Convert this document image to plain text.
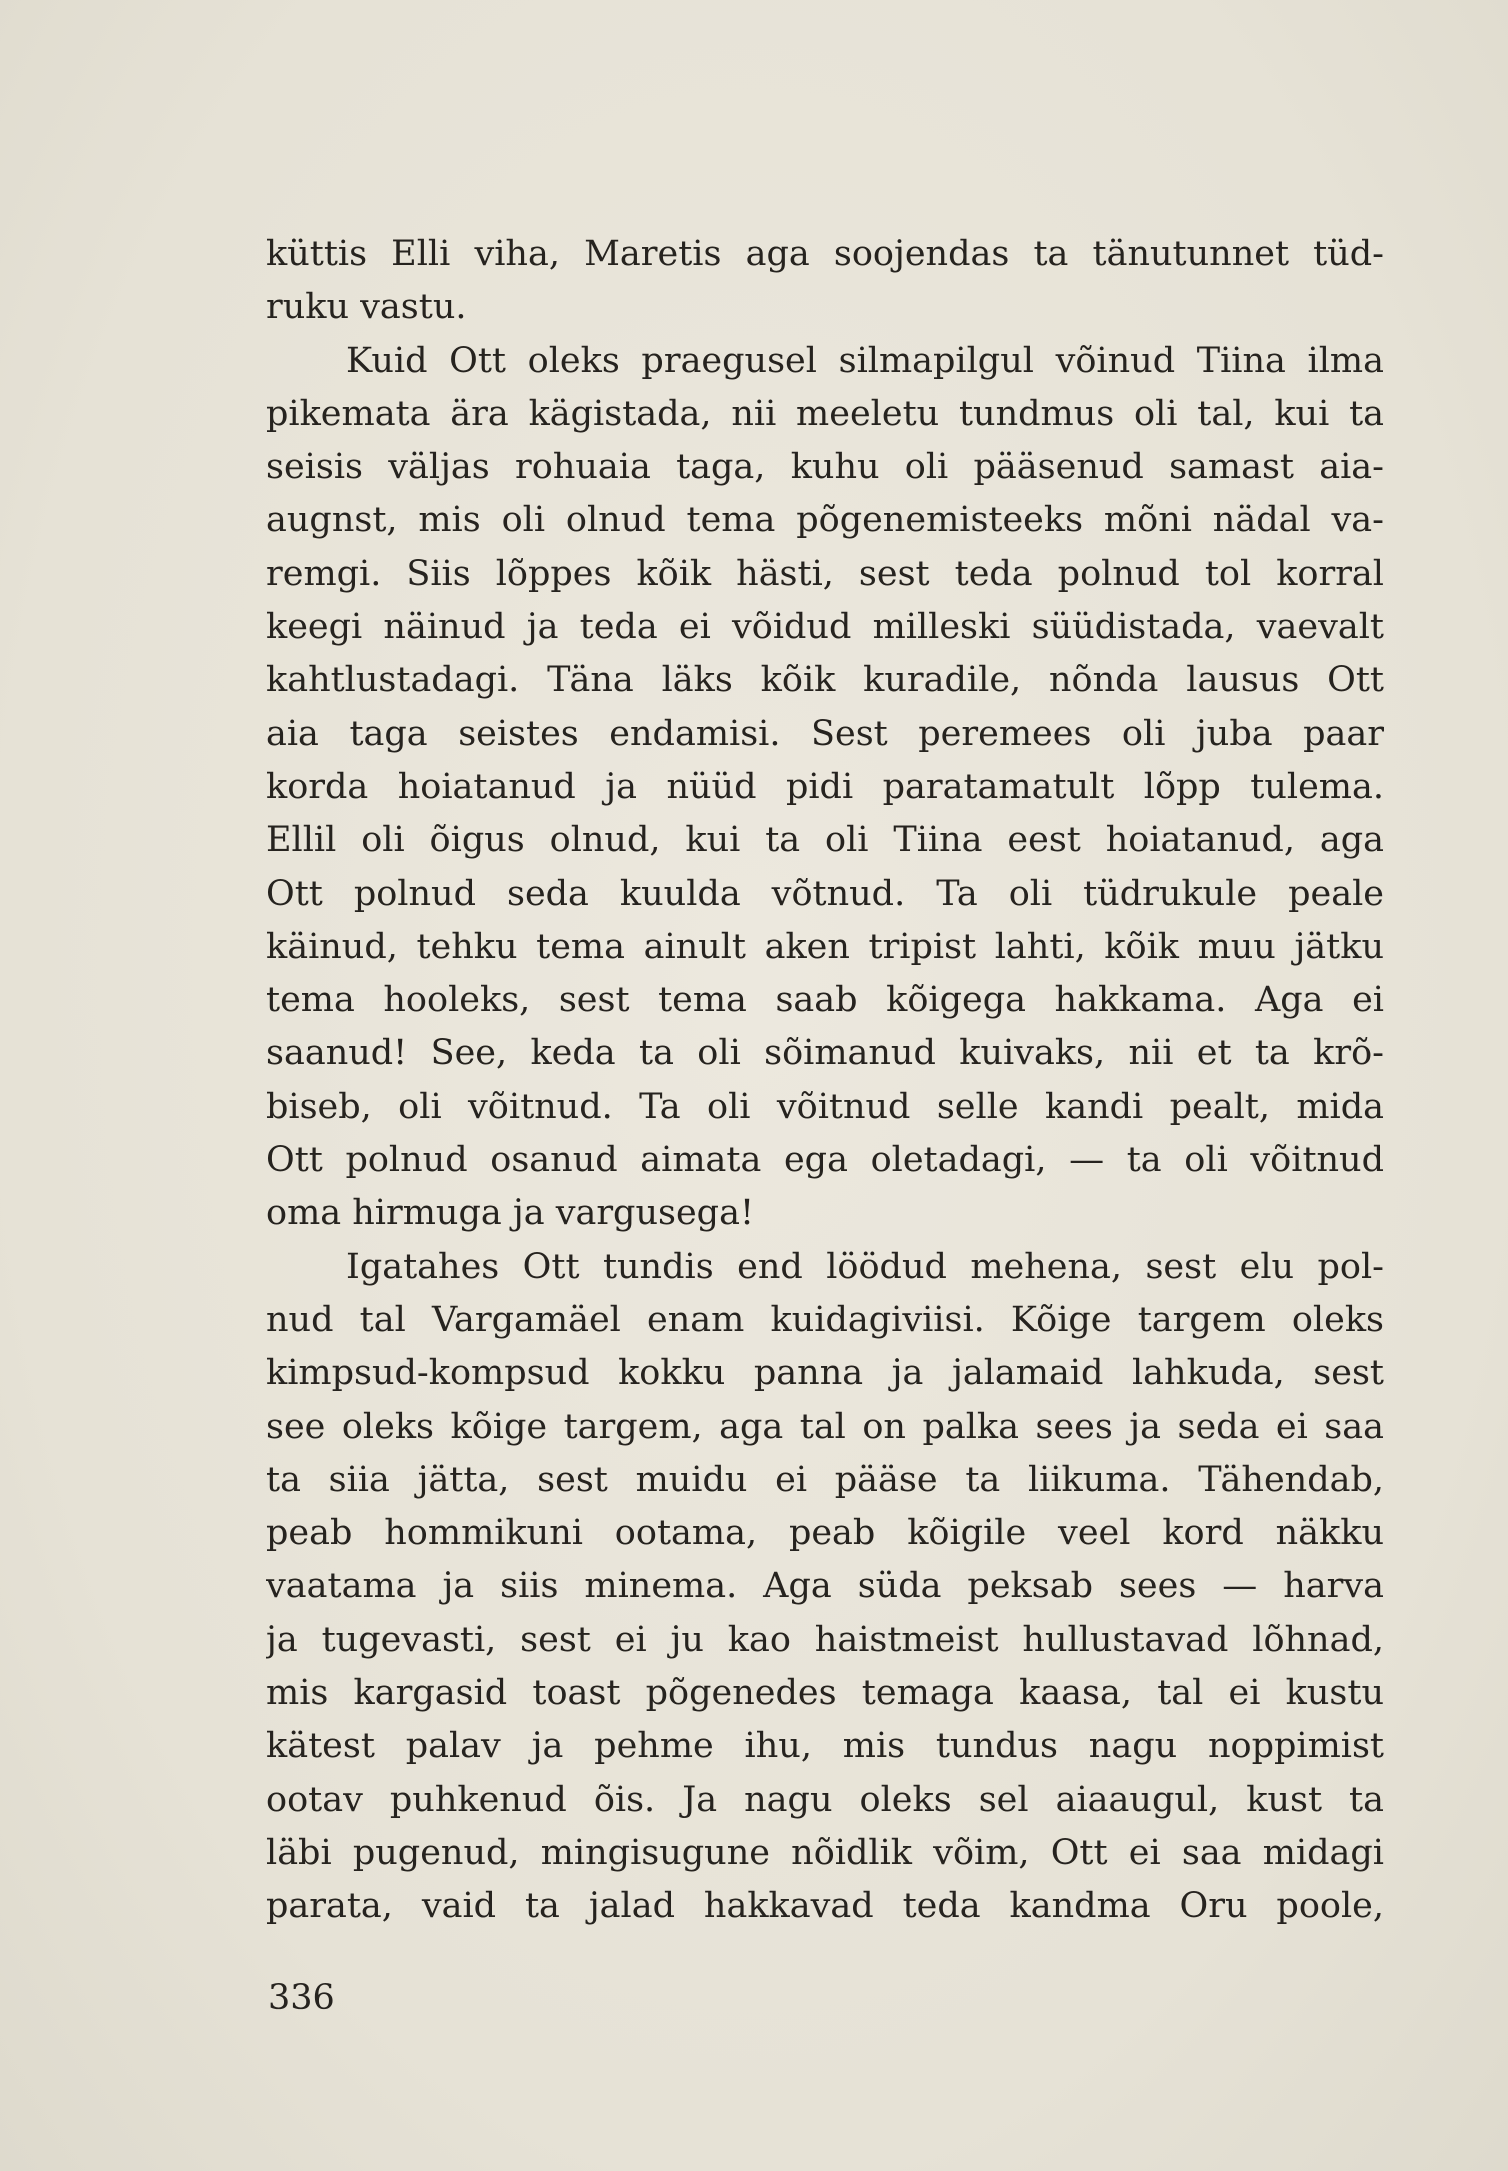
küttis Elli viha, Maretis aga soojendas ta tänutunnet tüd-
ruku vastu.
Kuid Ott oleks praegusel silmapilgul võinud Tiina ilma
pikemata ära kägistada, nii meeletu tundmus oli tal, kui ta
seisis väljas rohuaia taga, kuhu oli pääsenud samast aia-
augnst, mis oli olnud tema põgenemisteeks mõni nädal va-
remgi. Siis lõppes kõik hästi, sest teda polnud tol korral
keegi näinud ja teda ei võidud milleski süüdistada, vaevalt
kahtlustadagi. Täna läks kõik kuradile, nõnda lausus Ott
aia taga seistes endamisi. Sest peremees oli juba paar
korda hoiatanud ja nüüd pidi paratamatult lõpp tulema.
Ellil oli õigus olnud, kui ta oli Tiina eest hoiatanud, aga
Ott polnud seda kuulda võtnud. Ta oli tüdrukule peale
käinud, tehku tema ainult aken tripist lahti, kõik muu jätku
tema hooleks, sest tema saab kõigega hakkama. Aga ei
saanud! See, keda ta oli sõimanud kuivaks, nii et ta krõ-
biseb, oli võitnud. Ta oli võitnud selle kandi pealt, mida
Ott polnud osanud aimata ega oletadagi, — ta oli võitnud
oma hirmuga ja vargusega!
Igatahes Ott tundis end löödud mehena, sest elu pol-
nud tal Vargamäel enam kuidagiviisi. Kõige targem oleks
kimpsud-kompsud kokku panna ja jalamaid lahkuda, sest
see oleks kõige targem, aga tal on palka sees ja seda ei saa
ta siia jätta, sest muidu ei pääse ta liikuma. Tähendab,
peab hommikuni ootama, peab kõigile veel kord näkku
vaatama ja siis minema. Aga süda peksab sees — harva
ja tugevasti, sest ei ju kao haistmeist hullustavad lõhnad,
mis kargasid toast põgenedes temaga kaasa, tal ei kustu
kätest palav ja pehme ihu, mis tundus nagu noppimist
ootav puhkenud õis. Ja nagu oleks sel aiaaugul, kust ta
läbi pugenud, mingisugune nõidlik võim, Ott ei saa midagi
parata, vaid ta jalad hakkavad teda kandma Oru poole,
336
